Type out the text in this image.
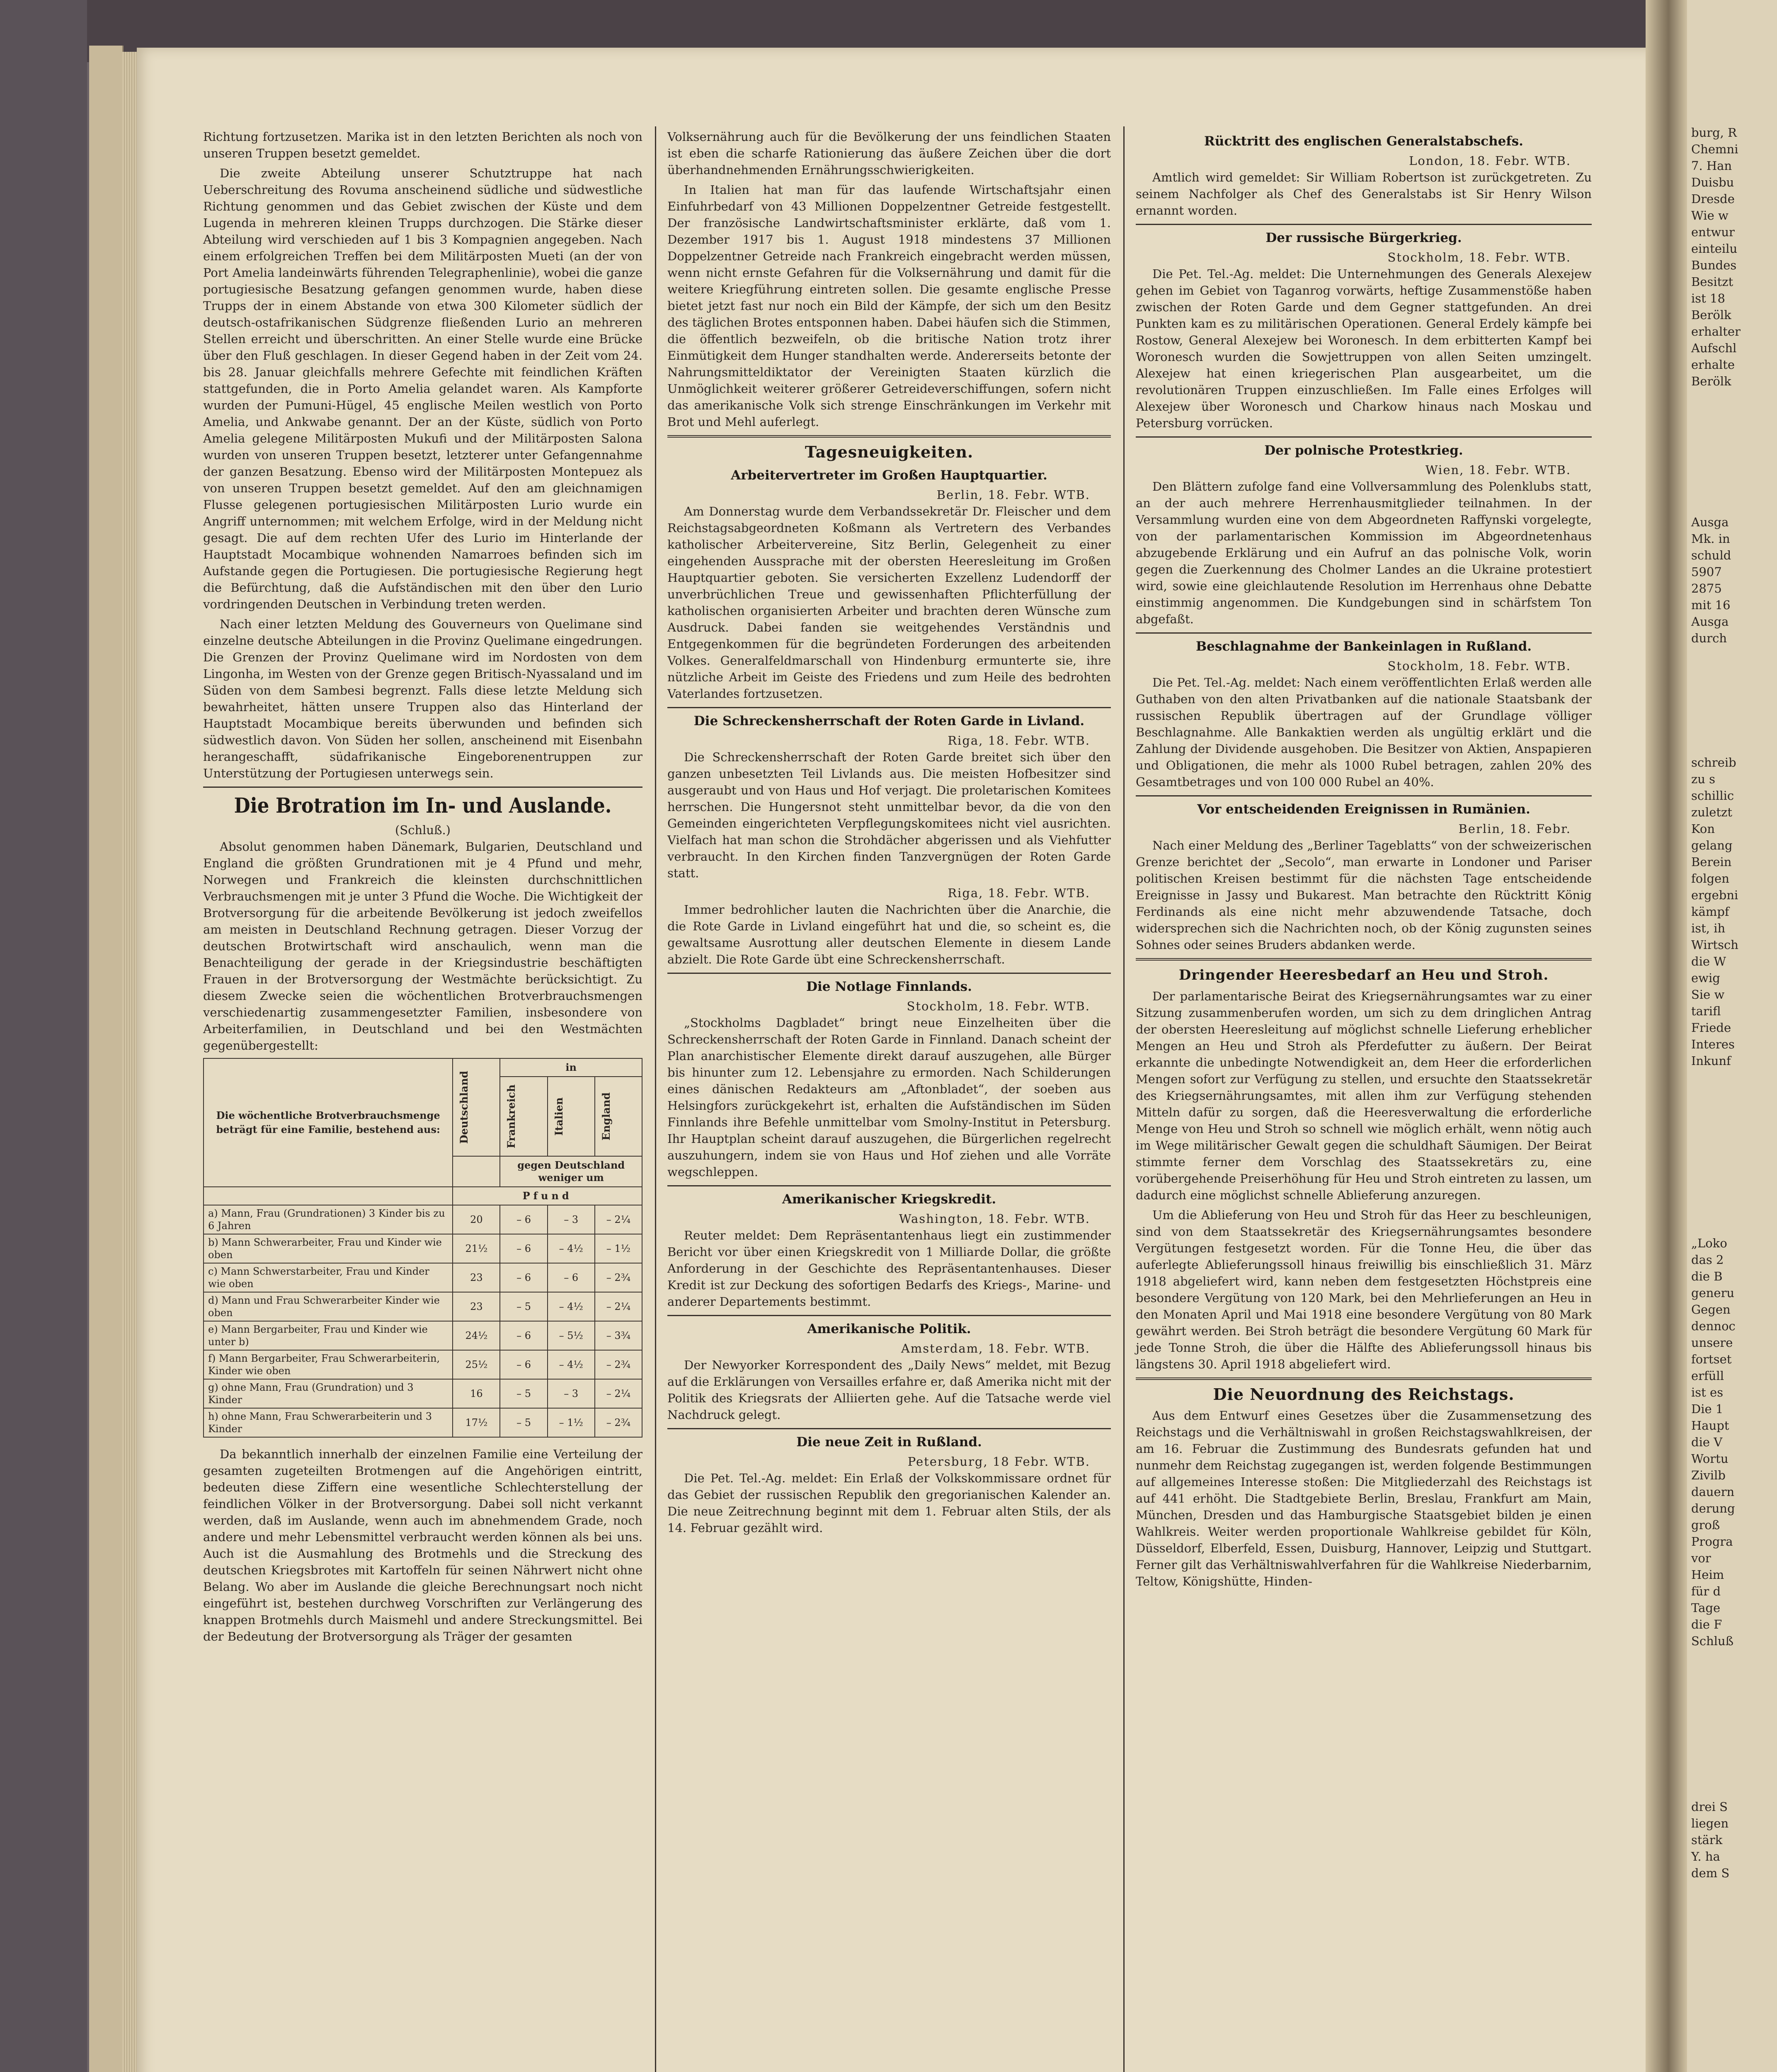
Richtung fortzusetzen. Marika ist in den letzten Berichten als noch von unseren Truppen besetzt gemeldet.

Die zweite Abteilung unserer Schutztruppe hat nach Ueberschreitung des Rovuma anscheinend südliche und südwestliche Richtung genommen und das Gebiet zwischen der Küste und dem Lugenda in mehreren kleinen Trupps durchzogen. Die Stärke dieser Abteilung wird verschieden auf 1 bis 3 Kompagnien angegeben. Nach einem erfolgreichen Treffen bei dem Militärposten Mueti (an der von Port Amelia landeinwärts führenden Telegraphenlinie), wobei die ganze portugiesische Besatzung gefangen genommen wurde, haben diese Trupps der in einem Abstande von etwa 300 Kilometer südlich der deutsch-ostafrikanischen Südgrenze fließenden Lurio an mehreren Stellen erreicht und überschritten. An einer Stelle wurde eine Brücke über den Fluß geschlagen. In dieser Gegend haben in der Zeit vom 24. bis 28. Januar gleichfalls mehrere Gefechte mit feindlichen Kräften stattgefunden, die in Porto Amelia gelandet waren. Als Kampforte wurden der Pumuni-Hügel, 45 englische Meilen westlich von Porto Amelia, und Ankwabe genannt. Der an der Küste, südlich von Porto Amelia gelegene Militärposten Mukufi und der Militärposten Salona wurden von unseren Truppen besetzt, letzterer unter Gefangennahme der ganzen Besatzung. Ebenso wird der Militärposten Montepuez als von unseren Truppen besetzt gemeldet. Auf den am gleichnamigen Flusse gelegenen portugiesischen Militärposten Lurio wurde ein Angriff unternommen; mit welchem Erfolge, wird in der Meldung nicht gesagt. Die auf dem rechten Ufer des Lurio im Hinterlande der Hauptstadt Mocambique wohnenden Namarroes befinden sich im Aufstande gegen die Portugiesen. Die portugiesische Regierung hegt die Befürchtung, daß die Aufständischen mit den über den Lurio vordringenden Deutschen in Verbindung treten werden.

Nach einer letzten Meldung des Gouverneurs von Quelimane sind einzelne deutsche Abteilungen in die Provinz Quelimane eingedrungen. Die Grenzen der Provinz Quelimane wird im Nordosten von dem Lingonha, im Westen von der Grenze gegen Britisch-Nyassaland und im Süden von dem Sambesi begrenzt. Falls diese letzte Meldung sich bewahrheitet, hätten unsere Truppen also das Hinterland der Hauptstadt Mocambique bereits überwunden und befinden sich südwestlich davon. Von Süden her sollen, anscheinend mit Eisenbahn herangeschafft, südafrikanische Eingeborenentruppen zur Unterstützung der Portugiesen unterwegs sein.

Die Brotration im In- und Auslande.
(Schluß.)

Absolut genommen haben Dänemark, Bulgarien, Deutschland und England die größten Grundrationen mit je 4 Pfund und mehr, Norwegen und Frankreich die kleinsten durchschnittlichen Verbrauchsmengen mit je unter 3 Pfund die Woche. Die Wichtigkeit der Brotversorgung für die arbeitende Bevölkerung ist jedoch zweifellos am meisten in Deutschland Rechnung getragen. Dieser Vorzug der deutschen Brotwirtschaft wird anschaulich, wenn man die Benachteiligung der gerade in der Kriegsindustrie beschäftigten Frauen in der Brotversorgung der Westmächte berücksichtigt. Zu diesem Zwecke seien die wöchentlichen Brotverbrauchsmengen verschiedenartig zusammengesetzter Familien, insbesondere von Arbeiterfamilien, in Deutschland und bei den Westmächten gegenübergestellt:

Die wöchentliche Brotverbrauchsmenge beträgt für eine Familie, bestehend aus:	Deutschland	in		

		Frankreich	Italien	England

		gegen Deutschland weniger um		
	Pfund			
a) Mann, Frau (Grundrationen) 3 Kinder bis zu 6 Jahren	20	– 6	– 3	– 2¼
b) Mann Schwerarbeiter, Frau und Kinder wie oben	21½	– 6	– 4½	– 1½
c) Mann Schwerstarbeiter, Frau und Kinder wie oben	23	– 6	– 6	– 2¾
d) Mann und Frau Schwerarbeiter Kinder wie oben	23	– 5	– 4½	– 2¼
e) Mann Bergarbeiter, Frau und Kinder wie unter b)	24½	– 6	– 5½	– 3¾
f) Mann Bergarbeiter, Frau Schwerarbeiterin, Kinder wie oben	25½	– 6	– 4½	– 2¾
g) ohne Mann, Frau (Grundration) und 3 Kinder	16	– 5	– 3	– 2¼
h) ohne Mann, Frau Schwerarbeiterin und 3 Kinder	17½	– 5	– 1½	– 2¾

Da bekanntlich innerhalb der einzelnen Familie eine Verteilung der gesamten zugeteilten Brotmengen auf die Angehörigen eintritt, bedeuten diese Ziffern eine wesentliche Schlechterstellung der feindlichen Völker in der Brotversorgung. Dabei soll nicht verkannt werden, daß im Auslande, wenn auch im abnehmendem Grade, noch andere und mehr Lebensmittel verbraucht werden können als bei uns. Auch ist die Ausmahlung des Brotmehls und die Streckung des deutschen Kriegsbrotes mit Kartoffeln für seinen Nährwert nicht ohne Belang. Wo aber im Auslande die gleiche Berechnungsart noch nicht eingeführt ist, bestehen durchweg Vorschriften zur Verlängerung des knappen Brotmehls durch Maismehl und andere Streckungsmittel. Bei der Bedeutung der Brotversorgung als Träger der gesamten

Volksernährung auch für die Bevölkerung der uns feindlichen Staaten ist eben die scharfe Rationierung das äußere Zeichen über die dort überhandnehmenden Ernährungsschwierigkeiten.

In Italien hat man für das laufende Wirtschaftsjahr einen Einfuhrbedarf von 43 Millionen Doppelzentner Getreide festgestellt. Der französische Landwirtschaftsminister erklärte, daß vom 1. Dezember 1917 bis 1. August 1918 mindestens 37 Millionen Doppelzentner Getreide nach Frankreich eingebracht werden müssen, wenn nicht ernste Gefahren für die Volksernährung und damit für die weitere Kriegführung eintreten sollen. Die gesamte englische Presse bietet jetzt fast nur noch ein Bild der Kämpfe, der sich um den Besitz des täglichen Brotes entsponnen haben. Dabei häufen sich die Stimmen, die öffentlich bezweifeln, ob die britische Nation trotz ihrer Einmütigkeit dem Hunger standhalten werde. Andererseits betonte der Nahrungsmitteldiktator der Vereinigten Staaten kürzlich die Unmöglichkeit weiterer größerer Getreideverschiffungen, sofern nicht das amerikanische Volk sich strenge Einschränkungen im Verkehr mit Brot und Mehl auferlegt.

Tagesneuigkeiten.
Arbeitervertreter im Großen Hauptquartier.
Berlin, 18. Febr. WTB.

Am Donnerstag wurde dem Verbandssekretär Dr. Fleischer und dem Reichstagsabgeordneten Koßmann als Vertretern des Verbandes katholischer Arbeitervereine, Sitz Berlin, Gelegenheit zu einer eingehenden Aussprache mit der obersten Heeresleitung im Großen Hauptquartier geboten. Sie versicherten Exzellenz Ludendorff der unverbrüchlichen Treue und gewissenhaften Pflichterfüllung der katholischen organisierten Arbeiter und brachten deren Wünsche zum Ausdruck. Dabei fanden sie weitgehendes Verständnis und Entgegenkommen für die begründeten Forderungen des arbeitenden Volkes. Generalfeldmarschall von Hindenburg ermunterte sie, ihre nützliche Arbeit im Geiste des Friedens und zum Heile des bedrohten Vaterlandes fortzusetzen.

Die Schreckensherrschaft der Roten Garde in Livland.
Riga, 18. Febr. WTB.

Die Schreckensherrschaft der Roten Garde breitet sich über den ganzen unbesetzten Teil Livlands aus. Die meisten Hofbesitzer sind ausgeraubt und von Haus und Hof verjagt. Die proletarischen Komitees herrschen. Die Hungersnot steht unmittelbar bevor, da die von den Gemeinden eingerichteten Verpflegungskomitees nicht viel ausrichten. Vielfach hat man schon die Strohdächer abgerissen und als Viehfutter verbraucht. In den Kirchen finden Tanzvergnügen der Roten Garde statt.

Riga, 18. Febr. WTB.

Immer bedrohlicher lauten die Nachrichten über die Anarchie, die die Rote Garde in Livland eingeführt hat und die, so scheint es, die gewaltsame Ausrottung aller deutschen Elemente in diesem Lande abzielt. Die Rote Garde übt eine Schreckensherrschaft.

Die Notlage Finnlands.
Stockholm, 18. Febr. WTB.

„Stockholms Dagbladet“ bringt neue Einzelheiten über die Schreckensherrschaft der Roten Garde in Finnland. Danach scheint der Plan anarchistischer Elemente direkt darauf auszugehen, alle Bürger bis hinunter zum 12. Lebensjahre zu ermorden. Nach Schilderungen eines dänischen Redakteurs am „Aftonbladet“, der soeben aus Helsingfors zurückgekehrt ist, erhalten die Aufständischen im Süden Finnlands ihre Befehle unmittelbar vom Smolny-Institut in Petersburg. Ihr Hauptplan scheint darauf auszugehen, die Bürgerlichen regelrecht auszuhungern, indem sie von Haus und Hof ziehen und alle Vorräte wegschleppen.

Amerikanischer Kriegskredit.
Washington, 18. Febr. WTB.

Reuter meldet: Dem Repräsentantenhaus liegt ein zustimmender Bericht vor über einen Kriegskredit von 1 Milliarde Dollar, die größte Anforderung in der Geschichte des Repräsentantenhauses. Dieser Kredit ist zur Deckung des sofortigen Bedarfs des Kriegs-, Marine- und anderer Departements bestimmt.

Amerikanische Politik.
Amsterdam, 18. Febr. WTB.

Der Newyorker Korrespondent des „Daily News“ meldet, mit Bezug auf die Erklärungen von Versailles erfahre er, daß Amerika nicht mit der Politik des Kriegsrats der Alliierten gehe. Auf die Tatsache werde viel Nachdruck gelegt.

Die neue Zeit in Rußland.
Petersburg, 18 Febr. WTB.

Die Pet. Tel.-Ag. meldet: Ein Erlaß der Volkskommissare ordnet für das Gebiet der russischen Republik den gregorianischen Kalender an. Die neue Zeitrechnung beginnt mit dem 1. Februar alten Stils, der als 14. Februar gezählt wird.

Rücktritt des englischen Generalstabschefs.
London, 18. Febr. WTB.

Amtlich wird gemeldet: Sir William Robertson ist zurückgetreten. Zu seinem Nachfolger als Chef des Generalstabs ist Sir Henry Wilson ernannt worden.

Der russische Bürgerkrieg.
Stockholm, 18. Febr. WTB.

Die Pet. Tel.-Ag. meldet: Die Unternehmungen des Generals Alexejew gehen im Gebiet von Taganrog vorwärts, heftige Zusammenstöße haben zwischen der Roten Garde und dem Gegner stattgefunden. An drei Punkten kam es zu militärischen Operationen. General Erdely kämpfe bei Rostow, General Alexejew bei Woronesch. In dem erbitterten Kampf bei Woronesch wurden die Sowjettruppen von allen Seiten umzingelt. Alexejew hat einen kriegerischen Plan ausgearbeitet, um die revolutionären Truppen einzuschließen. Im Falle eines Erfolges will Alexejew über Woronesch und Charkow hinaus nach Moskau und Petersburg vorrücken.

Der polnische Protestkrieg.
Wien, 18. Febr. WTB.

Den Blättern zufolge fand eine Vollversammlung des Polenklubs statt, an der auch mehrere Herrenhausmitglieder teilnahmen. In der Versammlung wurden eine von dem Abgeordneten Raffynski vorgelegte, von der parlamentarischen Kommission im Abgeordnetenhaus abzugebende Erklärung und ein Aufruf an das polnische Volk, worin gegen die Zuerkennung des Cholmer Landes an die Ukraine protestiert wird, sowie eine gleichlautende Resolution im Herrenhaus ohne Debatte einstimmig angenommen. Die Kundgebungen sind in schärfstem Ton abgefaßt.

Beschlagnahme der Bankeinlagen in Rußland.
Stockholm, 18. Febr. WTB.

Die Pet. Tel.-Ag. meldet: Nach einem veröffentlichten Erlaß werden alle Guthaben von den alten Privatbanken auf die nationale Staatsbank der russischen Republik übertragen auf der Grundlage völliger Beschlagnahme. Alle Bankaktien werden als ungültig erklärt und die Zahlung der Dividende ausgehoben. Die Besitzer von Aktien, Anspapieren und Obligationen, die mehr als 1000 Rubel betragen, zahlen 20% des Gesamtbetrages und von 100 000 Rubel an 40%.

Vor entscheidenden Ereignissen in Rumänien.
Berlin, 18. Febr.

Nach einer Meldung des „Berliner Tageblatts“ von der schweizerischen Grenze berichtet der „Secolo“, man erwarte in Londoner und Pariser politischen Kreisen bestimmt für die nächsten Tage entscheidende Ereignisse in Jassy und Bukarest. Man betrachte den Rücktritt König Ferdinands als eine nicht mehr abzuwendende Tatsache, doch widersprechen sich die Nachrichten noch, ob der König zugunsten seines Sohnes oder seines Bruders abdanken werde.

Dringender Heeresbedarf an Heu und Stroh.

Der parlamentarische Beirat des Kriegsernährungsamtes war zu einer Sitzung zusammenberufen worden, um sich zu dem dringlichen Antrag der obersten Heeresleitung auf möglichst schnelle Lieferung erheblicher Mengen an Heu und Stroh als Pferdefutter zu äußern. Der Beirat erkannte die unbedingte Notwendigkeit an, dem Heer die erforderlichen Mengen sofort zur Verfügung zu stellen, und ersuchte den Staatssekretär des Kriegsernährungsamtes, mit allen ihm zur Verfügung stehenden Mitteln dafür zu sorgen, daß die Heeresverwaltung die erforderliche Menge von Heu und Stroh so schnell wie möglich erhält, wenn nötig auch im Wege militärischer Gewalt gegen die schuldhaft Säumigen. Der Beirat stimmte ferner dem Vorschlag des Staatssekretärs zu, eine vorübergehende Preiserhöhung für Heu und Stroh eintreten zu lassen, um dadurch eine möglichst schnelle Ablieferung anzuregen.

Um die Ablieferung von Heu und Stroh für das Heer zu beschleunigen, sind von dem Staatssekretär des Kriegsernährungsamtes besondere Vergütungen festgesetzt worden. Für die Tonne Heu, die über das auferlegte Ablieferungssoll hinaus freiwillig bis einschließlich 31. März 1918 abgeliefert wird, kann neben dem festgesetzten Höchstpreis eine besondere Vergütung von 120 Mark, bei den Mehrlieferungen an Heu in den Monaten April und Mai 1918 eine besondere Vergütung von 80 Mark gewährt werden. Bei Stroh beträgt die besondere Vergütung 60 Mark für jede Tonne Stroh, die über die Hälfte des Ablieferungssoll hinaus bis längstens 30. April 1918 abgeliefert wird.

Die Neuordnung des Reichstags.

Aus dem Entwurf eines Gesetzes über die Zusammensetzung des Reichstags und die Verhältniswahl in großen Reichstagswahlkreisen, der am 16. Februar die Zustimmung des Bundesrats gefunden hat und nunmehr dem Reichstag zugegangen ist, werden folgende Bestimmungen auf allgemeines Interesse stoßen: Die Mitgliederzahl des Reichstags ist auf 441 erhöht. Die Stadtgebiete Berlin, Breslau, Frankfurt am Main, München, Dresden und das Hamburgische Staatsgebiet bilden je einen Wahlkreis. Weiter werden proportionale Wahlkreise gebildet für Köln, Düsseldorf, Elberfeld, Essen, Duisburg, Hannover, Leipzig und Stuttgart. Ferner gilt das Verhältniswahlverfahren für die Wahlkreise Niederbarnim, Teltow, Königshütte, Hinden-

burg, R
Chemni
7. Han
Duisbu
Dresde
Wie w
entwur
einteilu
Bundes
Besitzt
ist 18
Berölk
erhalter
Aufschl
erhalte
Berölk
Ausga
Mk. in
schuld
5907
2875
mit 16
Ausga
durch
schreib
zu s
schillic
zuletzt
Kon
gelang
Berein
folgen
ergebni
kämpf
ist, ih
Wirtsch
die W
ewig
Sie w
tarifl
Friede
Interes
Inkunf
„Loko
das 2
die B
generu
Gegen
dennoc
unsere
fortset
erfüll
ist es
Die 1
Haupt
die V
Wortu
Zivilb
dauern
derung
groß
Progra
vor
Heim
für d
Tage
die F
Schluß
drei S
liegen
stärk
Y. ha
dem S
